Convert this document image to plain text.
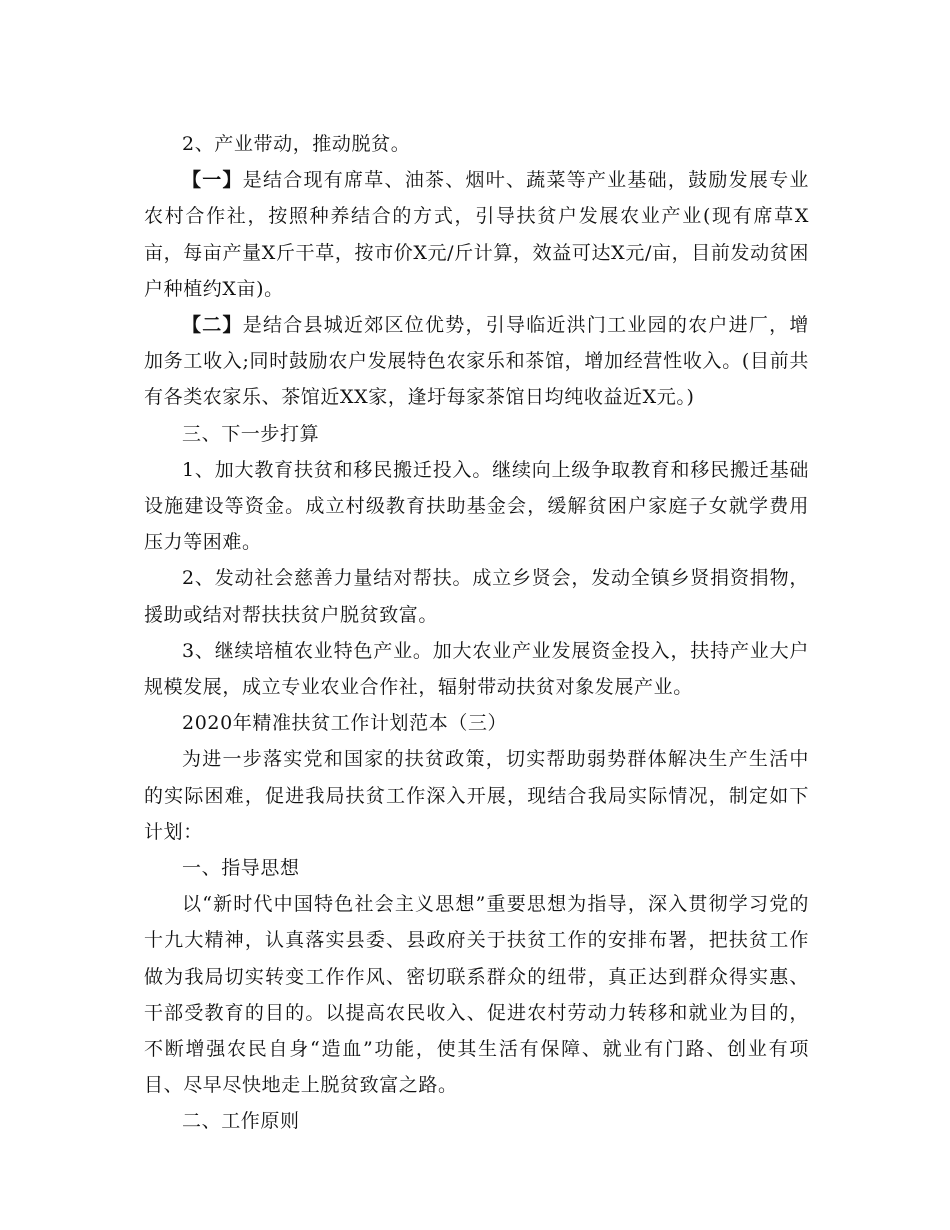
2、产业带动，推动脱贫。

【一】是结合现有席草、油茶、烟叶、蔬菜等产业基础，鼓励发展专业农村合作社，按照种养结合的方式，引导扶贫户发展农业产业(现有席草X亩，每亩产量X斤干草，按市价X元/斤计算，效益可达X元/亩，目前发动贫困户种植约X亩)。

【二】是结合县城近郊区位优势，引导临近洪门工业园的农户进厂，增加务工收入;同时鼓励农户发展特色农家乐和茶馆，增加经营性收入。(目前共有各类农家乐、茶馆近XX家，逢圩每家茶馆日均纯收益近X元。)

三、下一步打算

1、加大教育扶贫和移民搬迁投入。继续向上级争取教育和移民搬迁基础设施建设等资金。成立村级教育扶助基金会，缓解贫困户家庭子女就学费用压力等困难。

2、发动社会慈善力量结对帮扶。成立乡贤会，发动全镇乡贤捐资捐物，援助或结对帮扶扶贫户脱贫致富。

3、继续培植农业特色产业。加大农业产业发展资金投入，扶持产业大户规模发展，成立专业农业合作社，辐射带动扶贫对象发展产业。

2020年精准扶贫工作计划范本（三）

为进一步落实党和国家的扶贫政策，切实帮助弱势群体解决生产生活中的实际困难，促进我局扶贫工作深入开展，现结合我局实际情况，制定如下计划：

一、指导思想

以“新时代中国特色社会主义思想”重要思想为指导，深入贯彻学习党的十九大精神，认真落实县委、县政府关于扶贫工作的安排布署，把扶贫工作做为我局切实转变工作作风、密切联系群众的纽带，真正达到群众得实惠、干部受教育的目的。以提高农民收入、促进农村劳动力转移和就业为目的，不断增强农民自身“造血”功能，使其生活有保障、就业有门路、创业有项目、尽早尽快地走上脱贫致富之路。

二、工作原则
